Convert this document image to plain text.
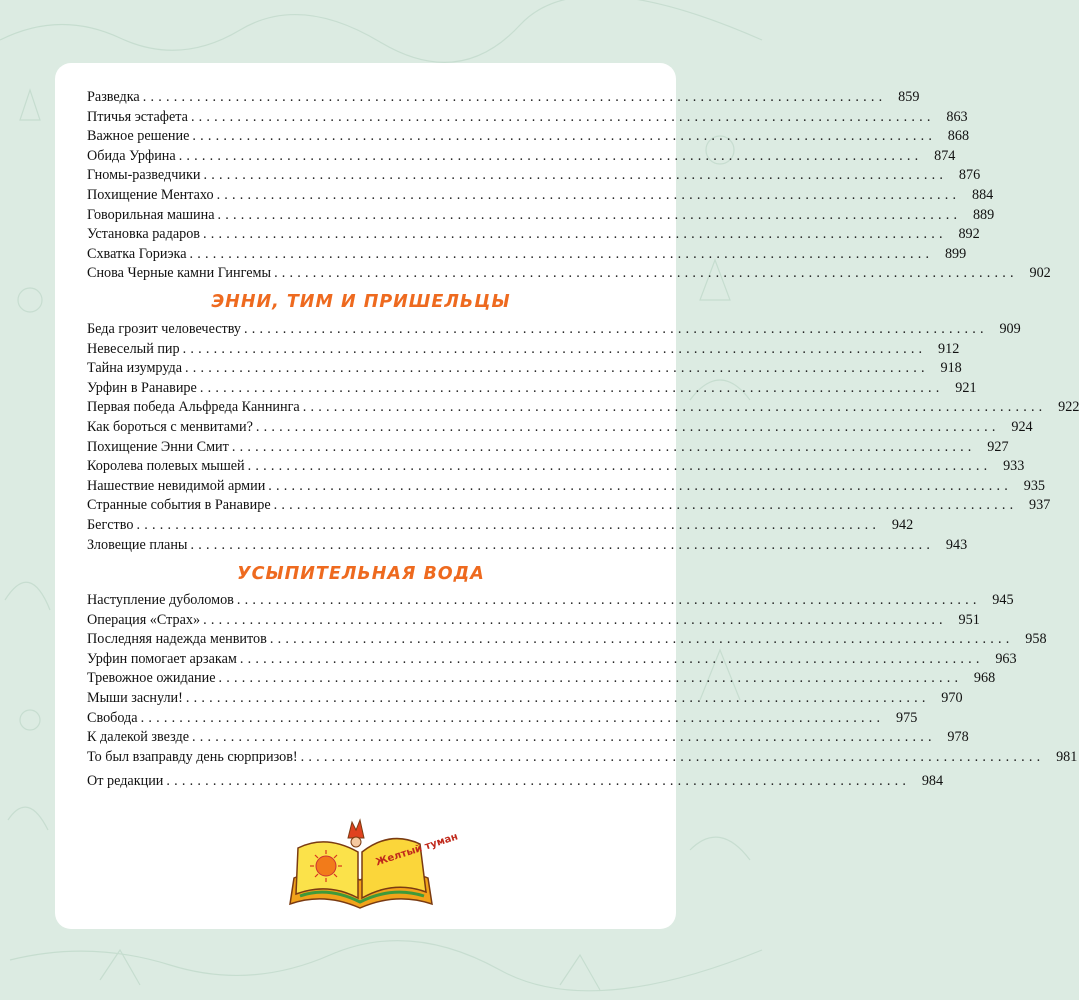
Разведка ................................................................................................ 859
Птичья эстафета ................................................................................................ 863
Важное решение ................................................................................................ 868
Обида Урфина ................................................................................................ 874
Гномы-разведчики ................................................................................................ 876
Похищение Ментахо ................................................................................................ 884
Говорильная машина ................................................................................................ 889
Установка радаров ................................................................................................ 892
Схватка Гориэка ................................................................................................ 899
Снова Черные камни Гингемы ................................................................................................ 902
ЭННИ, ТИМ И ПРИШЕЛЬЦЫ
Беда грозит человечеству ................................................................................................ 909
Невеселый пир ................................................................................................ 912
Тайна изумруда ................................................................................................ 918
Урфин в Ранавире ................................................................................................ 921
Первая победа Альфреда Каннинга ................................................................................................ 922
Как бороться с менвитами? ................................................................................................ 924
Похищение Энни Смит ................................................................................................ 927
Королева полевых мышей ................................................................................................ 933
Нашествие невидимой армии ................................................................................................ 935
Странные события в Ранавире ................................................................................................ 937
Бегство ................................................................................................ 942
Зловещие планы ................................................................................................ 943
УСЫПИТЕЛЬНАЯ ВОДА
Наступление дуболомов ................................................................................................ 945
Операция «Страх» ................................................................................................ 951
Последняя надежда менвитов ................................................................................................ 958
Урфин помогает арзакам ................................................................................................ 963
Тревожное ожидание ................................................................................................ 968
Мыши заснули! ................................................................................................ 970
Свобода ................................................................................................ 975
К далекой звезде ................................................................................................ 978
То был взаправду день сюрпризов! ................................................................................................ 981
От редакции ................................................................................................ 984
Желтый туман
